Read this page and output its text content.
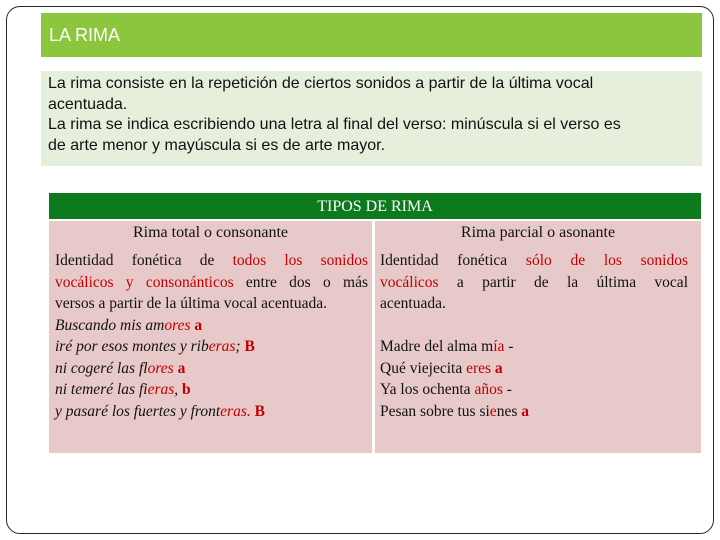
LA RIMA

La rima consiste en la repetición de ciertos sonidos a partir de la última vocal

acentuada.

La rima se indica escribiendo una letra al final del verso: minúscula si el verso es

de arte menor y mayúscula si es de arte mayor.

TIPOS DE RIMA
Rima total o consonante	Rima parcial o asonante

Identidad fonética de todos los sonidos

vocálicos y consonánticos entre dos o más

versos a partir de la última vocal acentuada.

Buscando mis amores a

iré por esos montes y riberas; B

ni cogeré las flores a

ni temeré las fieras, b

y pasaré los fuertes y fronteras. B

Identidad fonética sólo de los sonidos

vocálicos a partir de la última vocal

acentuada.

Madre del alma mía -

Qué viejecita eres a

Ya los ochenta años -

Pesan sobre tus sienes a
